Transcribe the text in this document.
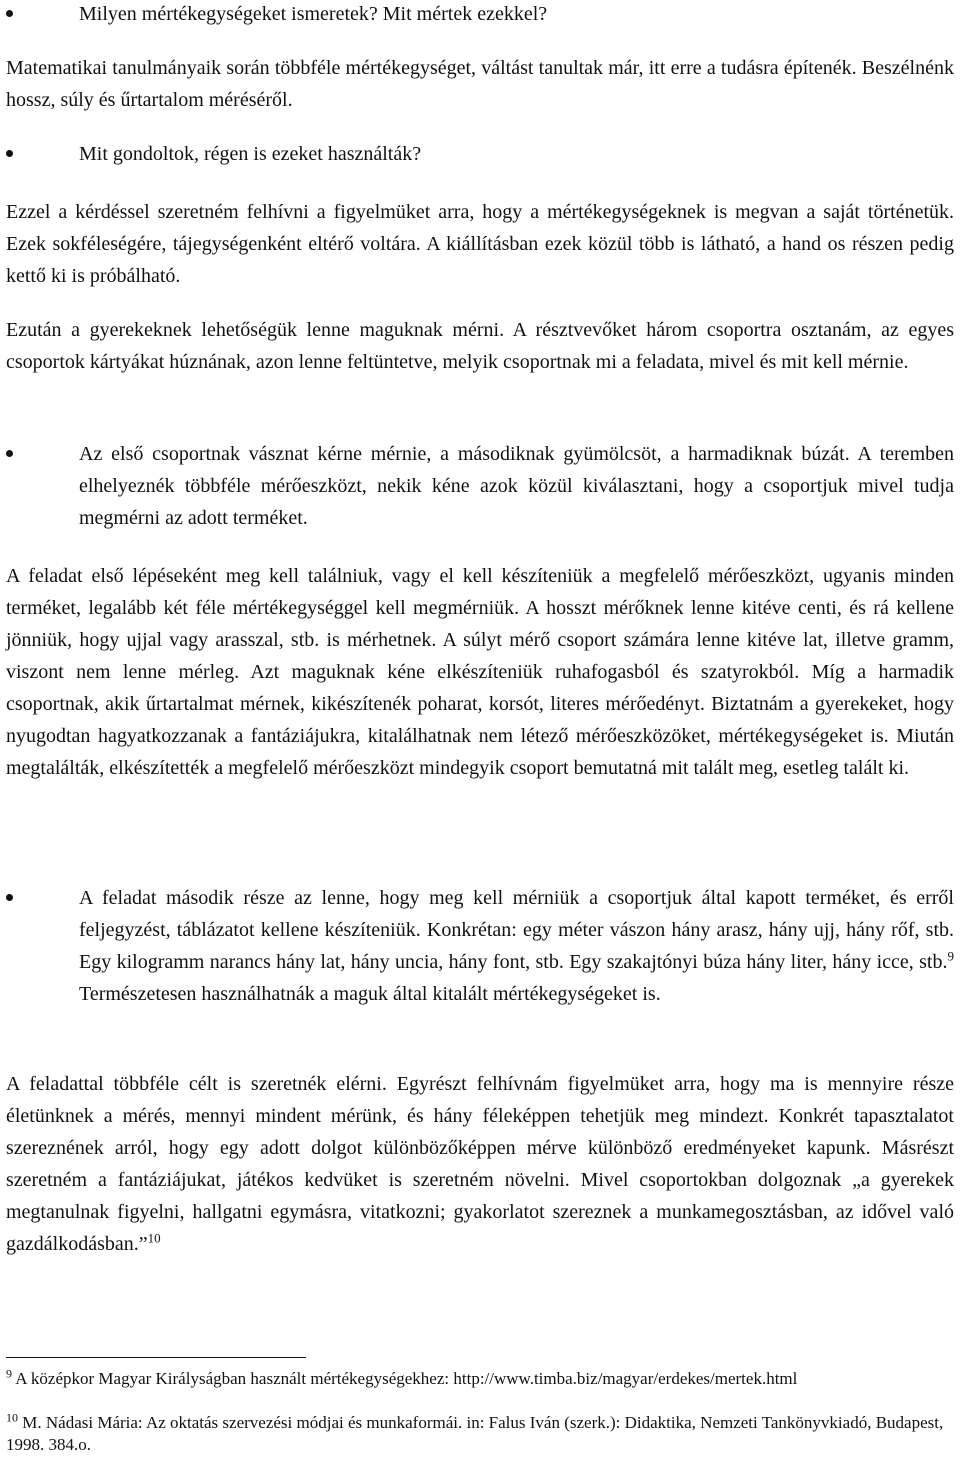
Milyen mértékegységeket ismeretek? Mit mértek ezekkel?

Matematikai tanulmányaik során többféle mértékegységet, váltást tanultak már, itt erre a tudásra építenék. Beszélnénk hossz, súly és űrtartalom méréséről.

Mit gondoltok, régen is ezeket használták?

Ezzel a kérdéssel szeretném felhívni a figyelmüket arra, hogy a mértékegységeknek is megvan a saját történetük. Ezek sokféleségére, tájegységenként eltérő voltára. A kiállításban ezek közül több is látható, a hand os részen pedig kettő ki is próbálható.

Ezután a gyerekeknek lehetőségük lenne maguknak mérni. A résztvevőket három csoportra osztanám, az egyes csoportok kártyákat húznának, azon lenne feltüntetve, melyik csoportnak mi a feladata, mivel és mit kell mérnie.

Az első csoportnak vásznat kérne mérnie, a másodiknak gyümölcsöt, a harmadiknak búzát. A teremben elhelyeznék többféle mérőeszközt, nekik kéne azok közül kiválasztani, hogy a csoportjuk mivel tudja megmérni az adott terméket.

A feladat első lépéseként meg kell találniuk, vagy el kell készíteniük a megfelelő mérőeszközt, ugyanis minden terméket, legalább két féle mértékegységgel kell megmérniük. A hosszt mérőknek lenne kitéve centi, és rá kellene jönniük, hogy ujjal vagy arasszal, stb. is mérhetnek. A súlyt mérő csoport számára lenne kitéve lat, illetve gramm, viszont nem lenne mérleg. Azt maguknak kéne elkészíteniük ruhafogasból és szatyrokból. Míg a harmadik csoportnak, akik űrtartalmat mérnek, kikészítenék poharat, korsót, literes mérőedényt. Biztatnám a gyerekeket, hogy nyugodtan hagyatkozzanak a fantáziájukra, kitalálhatnak nem létező mérőeszközöket, mértékegységeket is. Miután megtalálták, elkészítették a megfelelő mérőeszközt mindegyik csoport bemutatná mit talált meg, esetleg talált ki.

A feladat második része az lenne, hogy meg kell mérniük a csoportjuk által kapott terméket, és erről feljegyzést, táblázatot kellene készíteniük. Konkrétan: egy méter vászon hány arasz, hány ujj, hány rőf, stb. Egy kilogramm narancs hány lat, hány uncia, hány font, stb. Egy szakajtónyi búza hány liter, hány icce, stb.$^9$ Természetesen használhatnák a maguk által kitalált mértékegységeket is.

A feladattal többféle célt is szeretnék elérni. Egyrészt felhívnám figyelmüket arra, hogy ma is mennyire része életünknek a mérés, mennyi mindent mérünk, és hány féleképpen tehetjük meg mindezt. Konkrét tapasztalatot szereznének arról, hogy egy adott dolgot különbözőképpen mérve különböző eredményeket kapunk. Másrészt szeretném a fantáziájukat, játékos kedvüket is szeretném növelni. Mivel csoportokban dolgoznak „a gyerekek megtanulnak figyelni, hallgatni egymásra, vitatkozni; gyakorlatot szereznek a munkamegosztásban, az idővel való gazdálkodásban.”$^{10}$

$^9$ A középkor Magyar Királyságban használt mértékegységekhez: http://www.timba.biz/magyar/erdekes/mertek.html

$^{10}$ M. Nádasi Mária: Az oktatás szervezési módjai és munkaformái. in: Falus Iván (szerk.): Didaktika, Nemzeti Tankönyvkiadó, Budapest, 1998. 384.o.
